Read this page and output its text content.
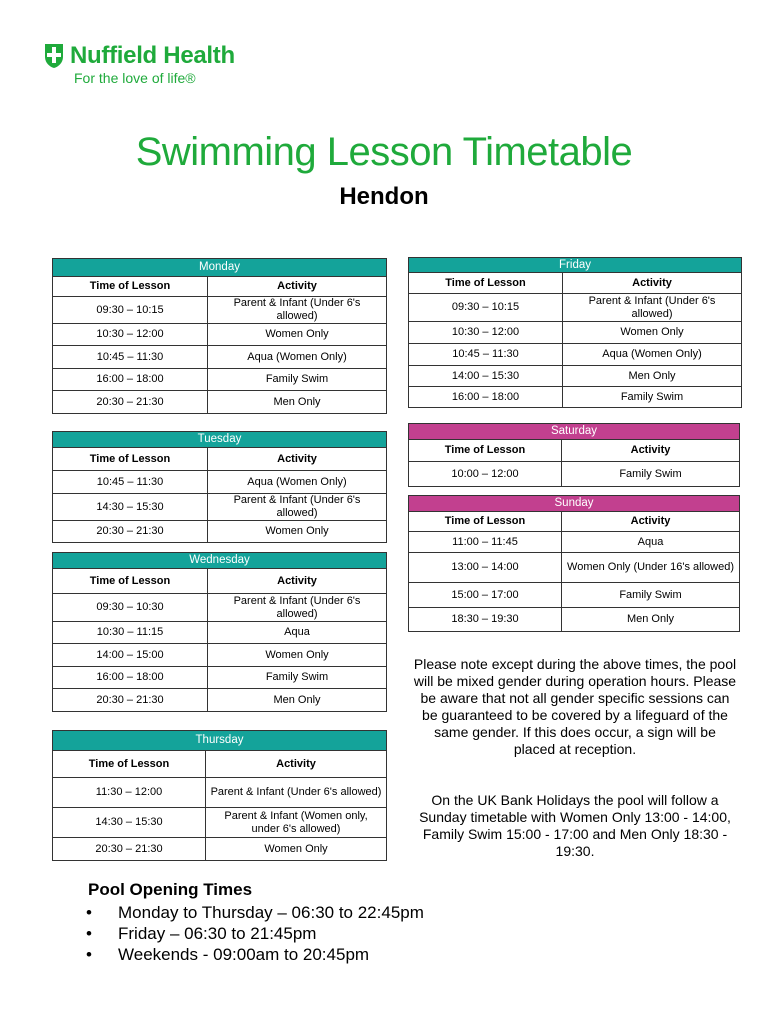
Nuffield Health
For the love of life®
Swimming Lesson Timetable
Hendon
Monday	
Time of Lesson	Activity
09:30 – 10:15	Parent & Infant (Under 6's allowed)
10:30 – 12:00	Women Only
10:45 – 11:30	Aqua (Women Only)
16:00 – 18:00	Family Swim
20:30 – 21:30	Men Only
Tuesday	
Time of Lesson	Activity
10:45 – 11:30	Aqua (Women Only)
14:30 – 15:30	Parent & Infant (Under 6's allowed)
20:30 – 21:30	Women Only
Wednesday	
Time of Lesson	Activity
09:30 – 10:30	Parent & Infant (Under 6's allowed)
10:30 – 11:15	Aqua
14:00 – 15:00	Women Only
16:00 – 18:00	Family Swim
20:30 – 21:30	Men Only
Thursday	
Time of Lesson	Activity
11:30 – 12:00	Parent & Infant (Under 6's allowed)
14:30 – 15:30	Parent & Infant (Women only, under 6's allowed)
20:30 – 21:30	Women Only
Friday	
Time of Lesson	Activity
09:30 – 10:15	Parent & Infant (Under 6's allowed)
10:30 – 12:00	Women Only
10:45 – 11:30	Aqua (Women Only)
14:00 – 15:30	Men Only
16:00 – 18:00	Family Swim
Saturday	
Time of Lesson	Activity
10:00 – 12:00	Family Swim
Sunday	
Time of Lesson	Activity
11:00 – 11:45	Aqua
13:00 – 14:00	Women Only (Under 16's allowed)
15:00 – 17:00	Family Swim
18:30 – 19:30	Men Only
Please note except during the above times, the pool will be mixed gender during operation hours. Please be aware that not all gender specific sessions can be guaranteed to be covered by a lifeguard of the same gender. If this does occur, a sign will be placed at reception.
On the UK Bank Holidays the pool will follow a Sunday timetable with Women Only 13:00 - 14:00, Family Swim 15:00 - 17:00 and Men Only 18:30 - 19:30.
Pool Opening Times
•	Monday to Thursday – 06:30 to 22:45pm
•	Friday – 06:30 to 21:45pm
•	Weekends - 09:00am to 20:45pm
